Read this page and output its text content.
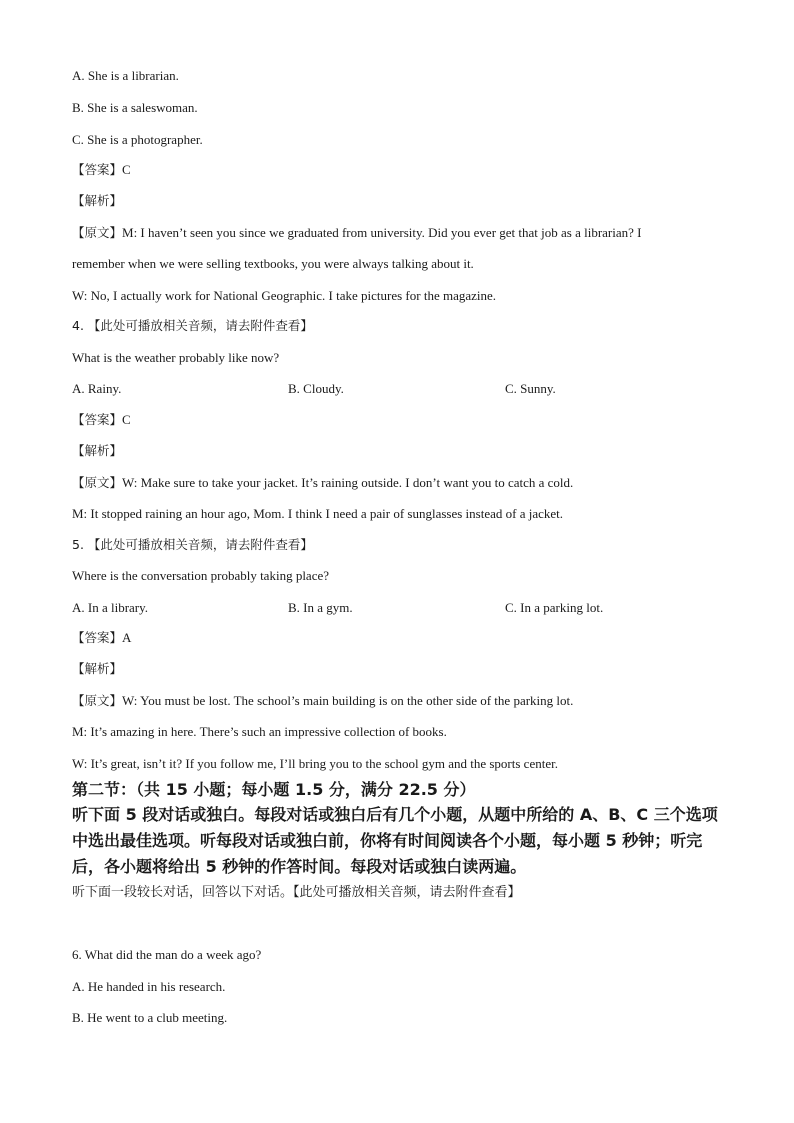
A. She is a librarian.
B. She is a saleswoman.
C. She is a photographer.
【答案】C
【解析】
【原文】M: I haven’t seen you since we graduated from university. Did you ever get that job as a librarian? I
remember when we were selling textbooks, you were always talking about it.
W: No, I actually work for National Geographic. I take pictures for the magazine.
4. 【此处可播放相关音频，请去附件查看】
What is the weather probably like now?
A. Rainy.	B. Cloudy.	C. Sunny.
【答案】C
【解析】
【原文】W: Make sure to take your jacket. It’s raining outside. I don’t want you to catch a cold.
M: It stopped raining an hour ago, Mom. I think I need a pair of sunglasses instead of a jacket.
5. 【此处可播放相关音频，请去附件查看】
Where is the conversation probably taking place?
A. In a library.	B. In a gym.	C. In a parking lot.
【答案】A
【解析】
【原文】W: You must be lost. The school’s main building is on the other side of the parking lot.
M: It’s amazing in here. There’s such an impressive collection of books.
W: It’s great, isn’t it? If you follow me, I’ll bring you to the school gym and the sports center.
第二节：（共 15 小题；每小题 1.5 分，满分 22.5 分）
听下面 5 段对话或独白。每段对话或独白后有几个小题，从题中所给的 A、B、C 三个选项
中选出最佳选项。听每段对话或独白前，你将有时间阅读各个小题，每小题 5 秒钟；听完
后，各小题将给出 5 秒钟的作答时间。每段对话或独白读两遍。
听下面一段较长对话，回答以下对话。【此处可播放相关音频，请去附件查看】
6. What did the man do a week ago?
A. He handed in his research.
B. He went to a club meeting.
